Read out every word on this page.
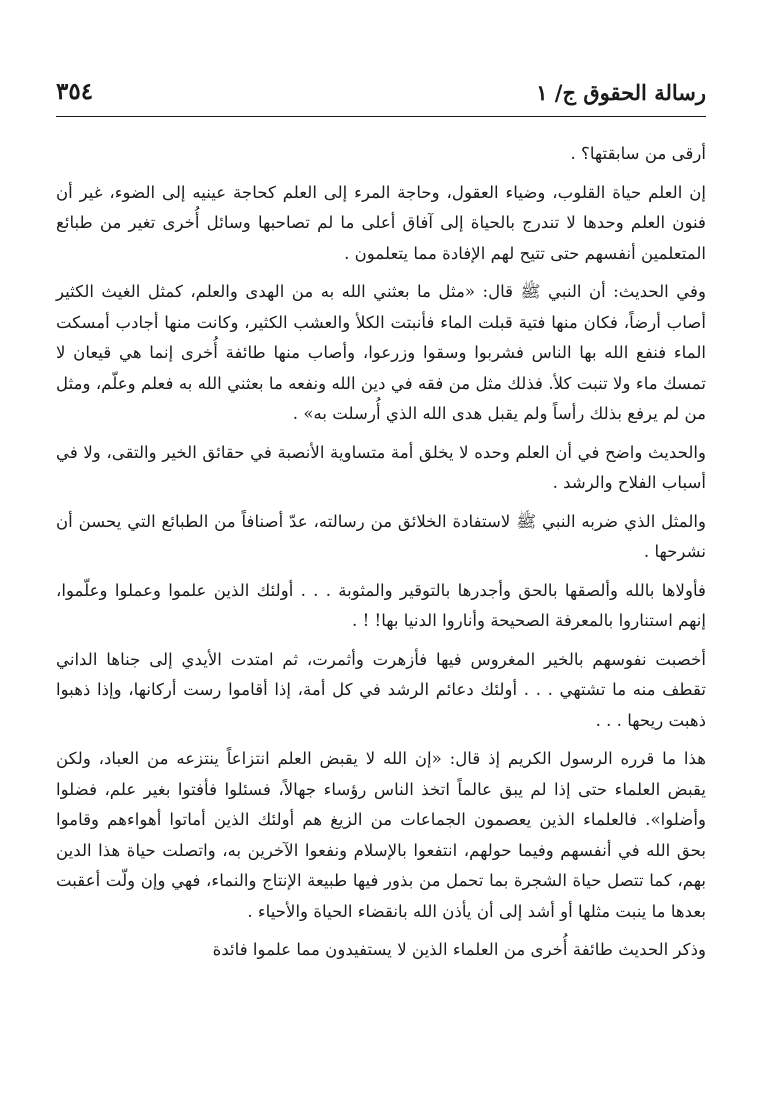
رسالة الحقوق ج/ ١
٣٥٤

أرقى من سابقتها؟ .

إن العلم حياة القلوب، وضياء العقول، وحاجة المرء إلى العلم كحاجة عينيه إلى الضوء، غير أن فنون العلم وحدها لا تندرج بالحياة إلى آفاق أعلى ما لم تصاحبها وسائل أُخرى تغير من طبائع المتعلمين أنفسهم حتى تتيح لهم الإفادة مما يتعلمون .

وفي الحديث: أن النبي ﷺ قال: «مثل ما بعثني الله به من الهدى والعلم، كمثل الغيث الكثير أصاب أرضاً، فكان منها فتية قبلت الماء فأنبتت الكلأ والعشب الكثير، وكانت منها أجادب أمسكت الماء فنفع الله بها الناس فشربوا وسقوا وزرعوا، وأصاب منها طائفة أُخرى إنما هي قيعان لا تمسك ماء ولا تنبت كلأ. فذلك مثل من فقه في دين الله ونفعه ما بعثني الله به فعلم وعلّم، ومثل من لم يرفع بذلك رأساً ولم يقبل هدى الله الذي أُرسلت به» .

والحديث واضح في أن العلم وحده لا يخلق أمة متساوية الأنصبة في حقائق الخير والتقى، ولا في أسباب الفلاح والرشد .

والمثل الذي ضربه النبي ﷺ لاستفادة الخلائق من رسالته، عدّ أصنافاً من الطبائع التي يحسن أن نشرحها .

فأولاها بالله وألصقها بالحق وأجدرها بالتوقير والمثوبة . . . أولئك الذين علموا وعملوا وعلّموا، إنهم استناروا بالمعرفة الصحيحة وأناروا الدنيا بها! ! .

أخصبت نفوسهم بالخير المغروس فيها فأزهرت وأثمرت، ثم امتدت الأيدي إلى جناها الداني تقطف منه ما تشتهي . . . أولئك دعائم الرشد في كل أمة، إذا أقاموا رست أركانها، وإذا ذهبوا ذهبت ريحها . . .

هذا ما قرره الرسول الكريم إذ قال: «إن الله لا يقبض العلم انتزاعاً ينتزعه من العباد، ولكن يقبض العلماء حتى إذا لم يبق عالماً اتخذ الناس رؤساء جهالاً، فسئلوا فأفتوا بغير علم، فضلوا وأضلوا». فالعلماء الذين يعصمون الجماعات من الزيغ هم أولئك الذين أماتوا أهواءهم وقاموا بحق الله في أنفسهم وفيما حولهم، انتفعوا بالإسلام ونفعوا الآخرين به، واتصلت حياة هذا الدين بهم، كما تتصل حياة الشجرة بما تحمل من بذور فيها طبيعة الإنتاج والنماء، فهي وإن ولّت أعقبت بعدها ما ينبت مثلها أو أشد إلى أن يأذن الله بانقضاء الحياة والأحياء .

وذكر الحديث طائفة أُخرى من العلماء الذين لا يستفيدون مما علموا فائدة
